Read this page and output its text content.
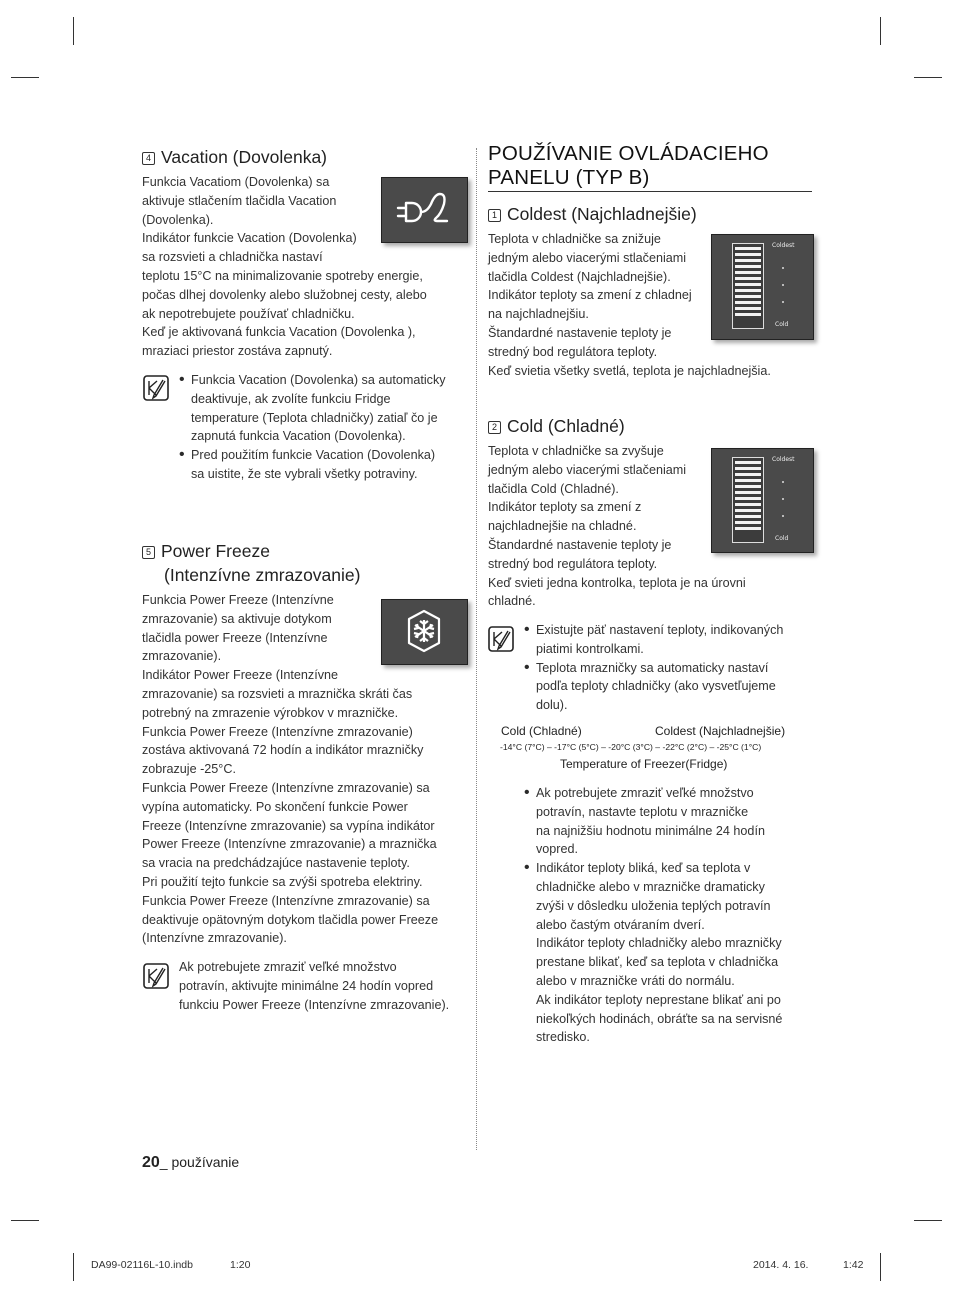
4 Vacation (Dovolenka)

Funkcia Vacatiom (Dovolenka) sa

aktivuje stlačením tlačidla Vacation

(Dovolenka).

Indikátor funkcie Vacation (Dovolenka)

sa rozsvieti a chladnička nastaví

teplotu 15°C na minimalizovanie spotreby energie,

počas dlhej dovolenky alebo služobnej cesty, alebo

ak nepotrebujete používať chladničku.

Keď je aktivovaná funkcia Vacation (Dovolenka ),

mraziaci priestor zostáva zapnutý.

• Funkcia Vacation (Dovolenka) sa automaticky

deaktivuje, ak zvolíte funkciu Fridge

temperature (Teplota chladničky) zatiaľ čo je

zapnutá funkcia Vacation (Dovolenka).

• Pred použitím funkcie Vacation (Dovolenka)

sa uistite, že ste vybrali všetky potraviny.

5 Power Freeze
(Intenzívne zmrazovanie)

Funkcia Power Freeze (Intenzívne

zmrazovanie) sa aktivuje dotykom

tlačidla power Freeze (Intenzívne

zmrazovanie).

Indikátor Power Freeze (Intenzívne

zmrazovanie) sa rozsvieti a mraznička skráti čas

potrebný na zmrazenie výrobkov v mrazničke.

Funkcia Power Freeze (Intenzívne zmrazovanie)

zostáva aktivovaná 72 hodín a indikátor mrazničky

zobrazuje -25°C.

Funkcia Power Freeze (Intenzívne zmrazovanie) sa

vypína automaticky. Po skončení funkcie Power

Freeze (Intenzívne zmrazovanie) sa vypína indikátor

Power Freeze (Intenzívne zmrazovanie) a mraznička

sa vracia na predchádzajúce nastavenie teploty.

Pri použití tejto funkcie sa zvýši spotreba elektriny.

Funkcia Power Freeze (Intenzívne zmrazovanie) sa

deaktivuje opätovným dotykom tlačidla power Freeze

(Intenzívne zmrazovanie).

Ak potrebujete zmraziť veľké množstvo

potravín, aktivujte minimálne 24 hodín vopred

funkciu Power Freeze (Intenzívne zmrazovanie).

POUŽÍVANIE OVLÁDACIEHO
PANELU (TYP B)
1 Coldest (Najchladnejšie)

Teplota v chladničke sa znižuje

jedným alebo viacerými stlačeniami

tlačidla Coldest (Najchladnejšie).

Indikátor teploty sa zmení z chladnej

na najchladnejšiu.

Štandardné nastavenie teploty je

stredný bod regulátora teploty.

Keď svietia všetky svetlá, teplota je najchladnejšia.

Coldest
Cold
2 Cold (Chladné)

Teplota v chladničke sa zvyšuje

jedným alebo viacerými stlačeniami

tlačidla Cold (Chladné).

Indikátor teploty sa zmení z

najchladnejšie na chladné.

Štandardné nastavenie teploty je

stredný bod regulátora teploty.

Keď svieti jedna kontrolka, teplota je na úrovni

chladné.

Coldest
Cold

• Existujte päť nastavení teploty, indikovaných

piatimi kontrolkami.

• Teplota mrazničky sa automaticky nastaví

podľa teploty chladničky (ako vysvetľujeme

dolu).

Cold (Chladné)	Coldest (Najchladnejšie)
-14°C (7°C) – -17°C (5°C) – -20°C (3°C) – -22°C (2°C) – -25°C (1°C)
Temperature of Freezer(Fridge)

• Ak potrebujete zmraziť veľké množstvo

potravín, nastavte teplotu v mrazničke

na najnižšiu hodnotu minimálne 24 hodín

vopred.

• Indikátor teploty bliká, keď sa teplota v

chladničke alebo v mrazničke dramaticky

zvýši v dôsledku uloženia teplých potravín

alebo častým otváraním dverí.

Indikátor teploty chladničky alebo mrazničky

prestane blikať, keď sa teplota v chladnička

alebo v mrazničke vráti do normálu.

Ak indikátor teploty neprestane blikať ani po

niekoľkých hodinách, obráťte sa na servisné

stredisko.

20_ používanie
DA99-02116L-10.indb	1:20	2014. 4. 16.	1:42
